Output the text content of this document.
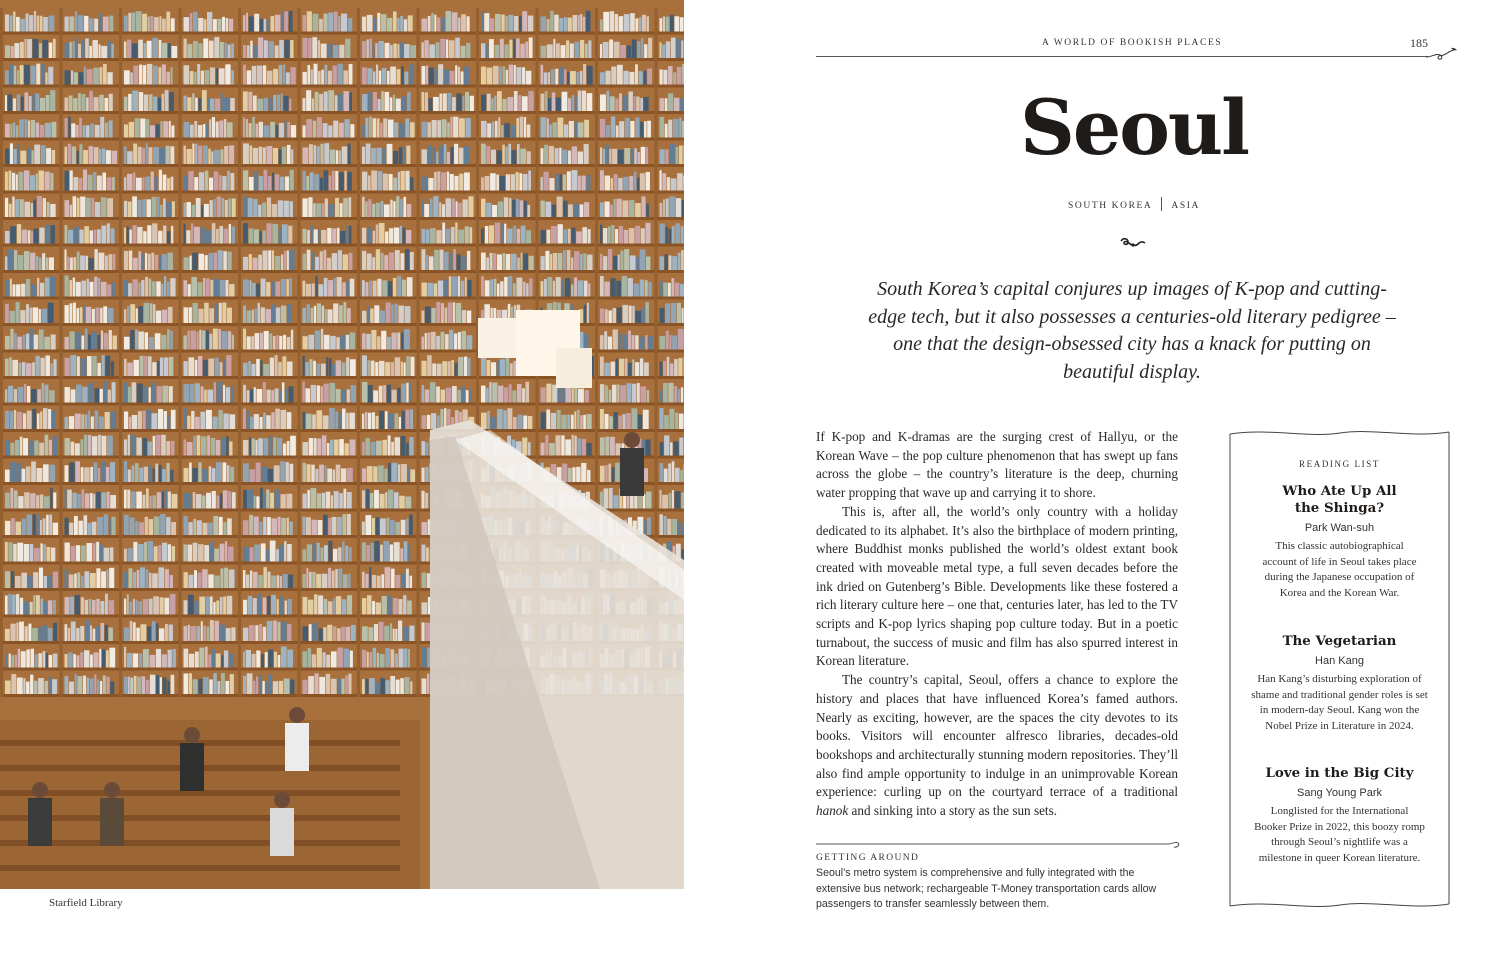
Starfield Library
A WORLD OF BOOKISH PLACES	185
Seoul
SOUTH KOREA ASIA
South Korea’s capital conjures up images of K-pop and cutting-edge tech, but it also possesses a centuries-old literary pedigree – one that the design-obsessed city has a knack for putting on beautiful display.

If K-pop and K-dramas are the surging crest of Hallyu, or the Korean Wave – the pop culture phenomenon that has swept up fans across the globe – the country’s literature is the deep, churning water propping that wave up and carrying it to shore.

This is, after all, the world’s only country with a holiday dedicated to its alphabet. It’s also the birthplace of modern printing, where Buddhist monks published the world’s oldest extant book created with moveable metal type, a full seven decades before the ink dried on Gutenberg’s Bible. Developments like these fostered a rich literary culture here – one that, centuries later, has led to the TV scripts and K-pop lyrics shaping pop culture today. But in a poetic turnabout, the success of music and film has also spurred interest in Korean literature.

The country’s capital, Seoul, offers a chance to explore the history and places that have influenced Korea’s famed authors. Nearly as exciting, however, are the spaces the city devotes to its books. Visitors will encounter alfresco libraries, decades-old bookshops and architecturally stunning modern repositories. They’ll also find ample opportunity to indulge in an unimprovable Korean experience: curling up on the courtyard terrace of a traditional hanok and sinking into a story as the sun sets.

GETTING AROUND
Seoul’s metro system is comprehensive and fully integrated with the extensive bus network; rechargeable T-Money transportation cards allow passengers to transfer seamlessly between them.
READING LIST
Who Ate Up All the Shinga?
Park Wan-suh
This classic autobiographical account of life in Seoul takes place during the Japanese occupation of Korea and the Korean War.
The Vegetarian
Han Kang
Han Kang’s disturbing exploration of shame and traditional gender roles is set in modern-day Seoul. Kang won the Nobel Prize in Literature in 2024.
Love in the Big City
Sang Young Park
Longlisted for the International Booker Prize in 2022, this boozy romp through Seoul’s nightlife was a milestone in queer Korean literature.
